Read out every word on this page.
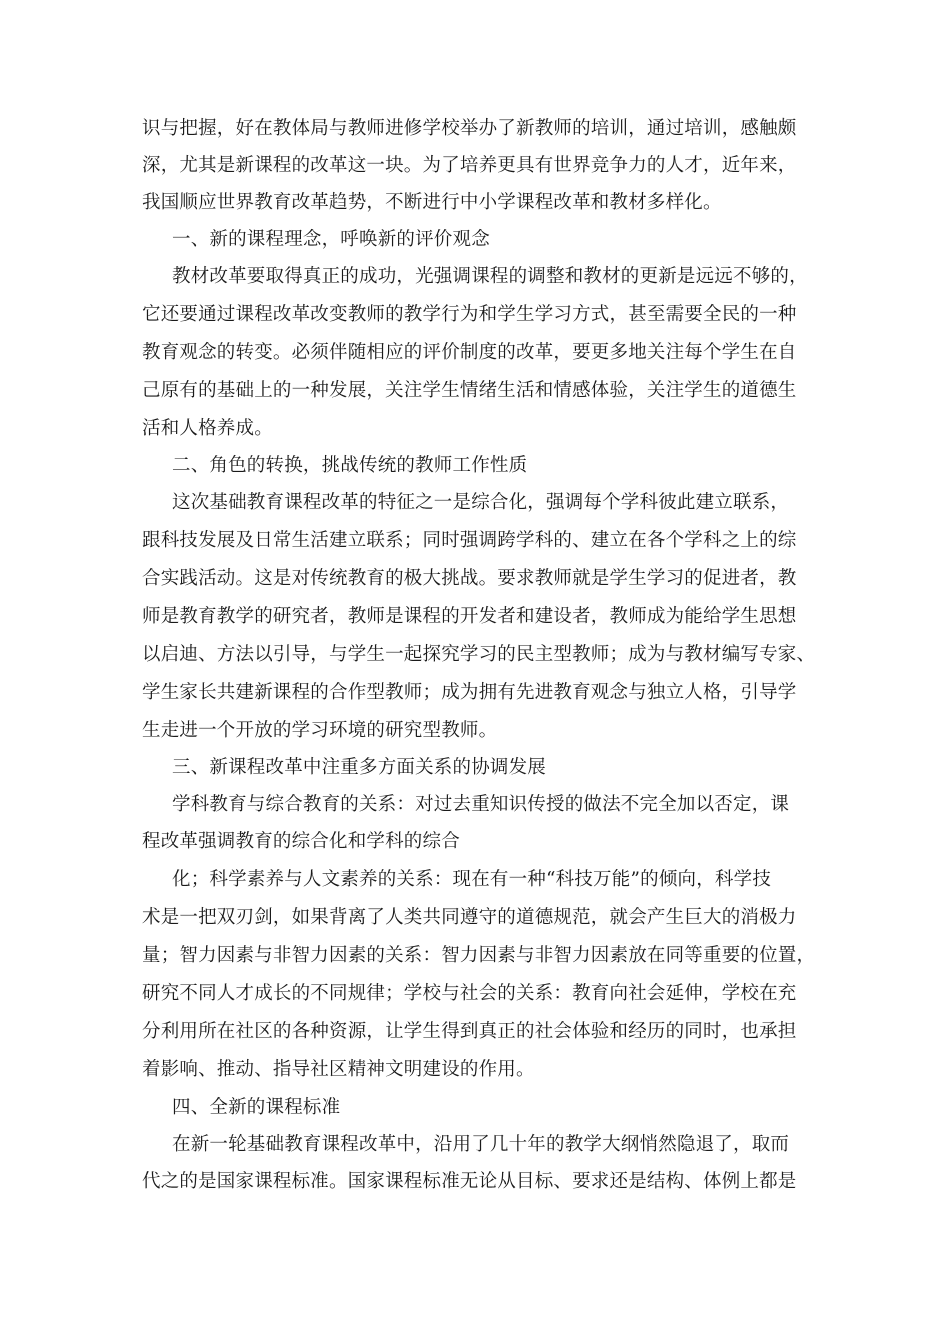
识与把握，好在教体局与教师进修学校举办了新教师的培训，通过培训，感触颇
深，尤其是新课程的改革这一块。为了培养更具有世界竞争力的人才，近年来，
我国顺应世界教育改革趋势，不断进行中小学课程改革和教材多样化。
一、新的课程理念，呼唤新的评价观念
教材改革要取得真正的成功，光强调课程的调整和教材的更新是远远不够的，
它还要通过课程改革改变教师的教学行为和学生学习方式，甚至需要全民的一种
教育观念的转变。必须伴随相应的评价制度的改革，要更多地关注每个学生在自
己原有的基础上的一种发展，关注学生情绪生活和情感体验，关注学生的道德生
活和人格养成。
二、角色的转换，挑战传统的教师工作性质
这次基础教育课程改革的特征之一是综合化，强调每个学科彼此建立联系，
跟科技发展及日常生活建立联系；同时强调跨学科的、建立在各个学科之上的综
合实践活动。这是对传统教育的极大挑战。要求教师就是学生学习的促进者，教
师是教育教学的研究者，教师是课程的开发者和建设者，教师成为能给学生思想
以启迪、方法以引导，与学生一起探究学习的民主型教师；成为与教材编写专家、
学生家长共建新课程的合作型教师；成为拥有先进教育观念与独立人格，引导学
生走进一个开放的学习环境的研究型教师。
三、新课程改革中注重多方面关系的协调发展
学科教育与综合教育的关系：对过去重知识传授的做法不完全加以否定，课
程改革强调教育的综合化和学科的综合
化；科学素养与人文素养的关系：现在有一种“科技万能”的倾向，科学技
术是一把双刃剑，如果背离了人类共同遵守的道德规范，就会产生巨大的消极力
量；智力因素与非智力因素的关系：智力因素与非智力因素放在同等重要的位置，
研究不同人才成长的不同规律；学校与社会的关系：教育向社会延伸，学校在充
分利用所在社区的各种资源，让学生得到真正的社会体验和经历的同时，也承担
着影响、推动、指导社区精神文明建设的作用。
四、全新的课程标准
在新一轮基础教育课程改革中，沿用了几十年的教学大纲悄然隐退了，取而
代之的是国家课程标准。国家课程标准无论从目标、要求还是结构、体例上都是
